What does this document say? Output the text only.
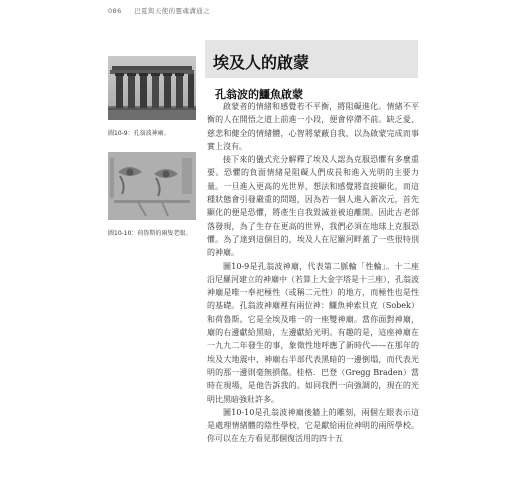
086 巴夏與天使的靈魂溝通之
埃及人的啟蒙
孔翁波的鱷魚啟蒙
圖10-9：孔翁波神廟。
圖10-10：荷魯斯的兩隻老眼。

啟蒙者的情緒和感覺若不平衡，將阻礙進化。情緒不平衡的人在開悟之道上前進一小段，便會停滯不前。缺乏愛、慈悲和健全的情緒體，心智將蒙蔽自我，以為啟蒙完成而事實上沒有。

接下來的儀式充分解釋了埃及人認為克服恐懼有多麼重要。恐懼的負面情緒是阻礙人們成長和進入光明的主要力量。一旦進入更高的光世界，想法和感覺將直接顯化，而這種狀態會引發嚴重的問題，因為若一個人進入新次元，首先顯化的便是恐懼，將產生自我毀滅並被迫離開。因此古老部落發現，為了生存在更高的世界，我們必須在地球上克服恐懼。為了達到這個目的，埃及人在尼羅河畔蓋了一些很特別的神廟。

圖10-9是孔翁波神廟，代表第二脈輪「性輪」。十二座沿尼羅河建立的神廟中（若算上大金字塔是十三座），孔翁波神廟是唯一奉祀極性（或稱二元性）的地方，而極性也是性的基礎。孔翁波神廟裡有兩位神：鱷魚神索貝克（Sobek）和荷魯斯。它是全埃及唯一的一座雙神廟。當你面對神廟，廟的右邊獻給黑暗，左邊獻給光明。有趣的是，這座神廟在一九九二年發生的事，象徵性地呼應了新時代——在那年的埃及大地震中，神廟右半部代表黑暗的一邊倒塌，而代表光明的那一邊則毫無損傷。桂格．巴登（Gregg Braden）當時在現場，是他告訴我的。如同我們一向強調的，現在的光明比黑暗強壯許多。

圖10-10是孔翁波神廟後牆上的雕刻，兩個左眼表示這是處理情緒體的陰性學校，它是獻給兩位神明的兩所學校。你可以在左方看見那個復活用的四十五
